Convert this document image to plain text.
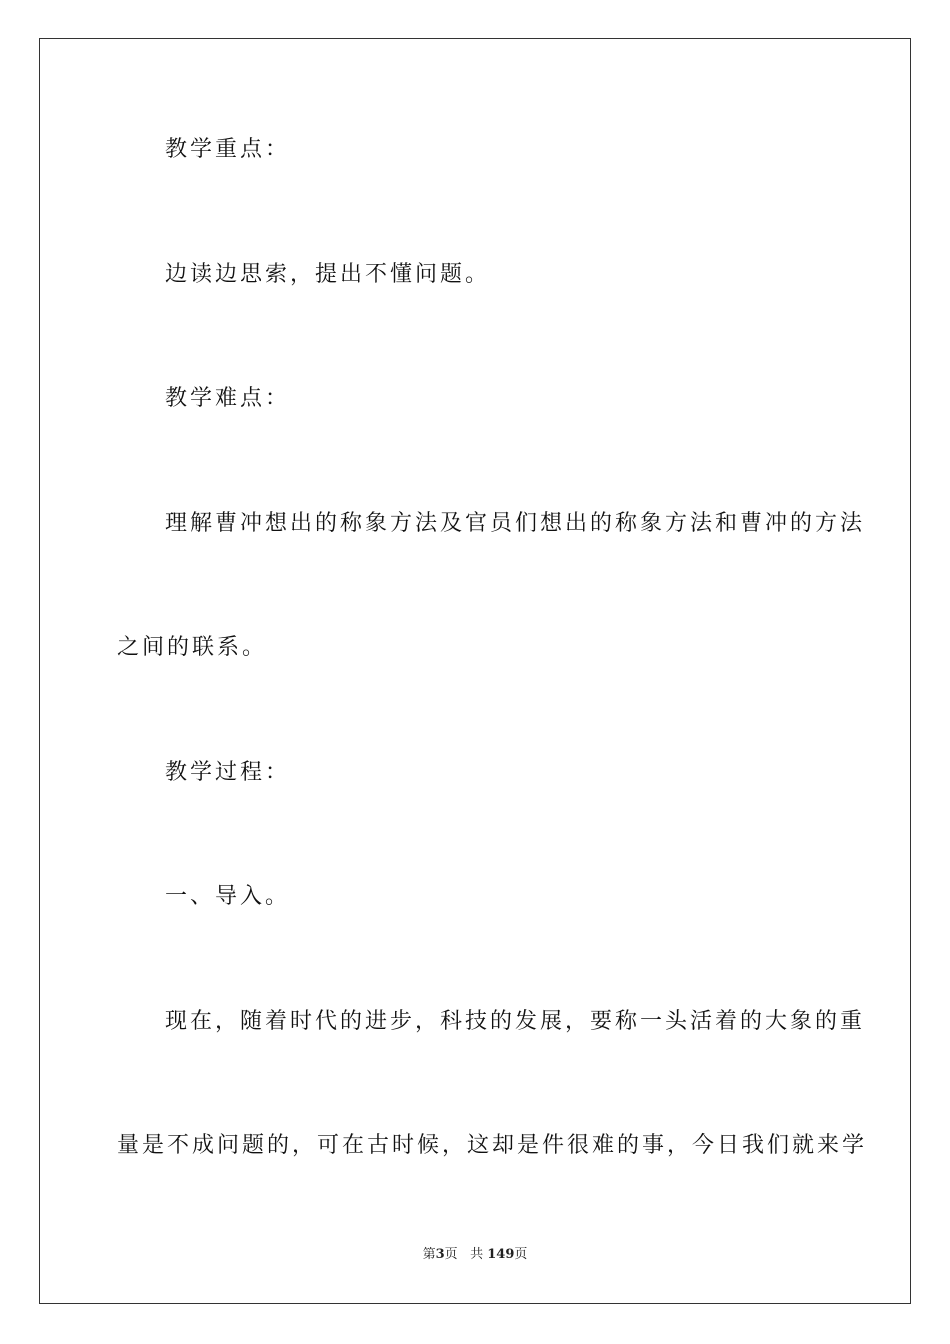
教学重点：
边读边思索，提出不懂问题。
教学难点：
理解曹冲想出的称象方法及官员们想出的称象方法和曹冲的方法
之间的联系。
教学过程：
一、导入。
现在，随着时代的进步，科技的发展，要称一头活着的大象的重
量是不成问题的，可在古时候，这却是件很难的事，今日我们就来学
第3页 共 149页
